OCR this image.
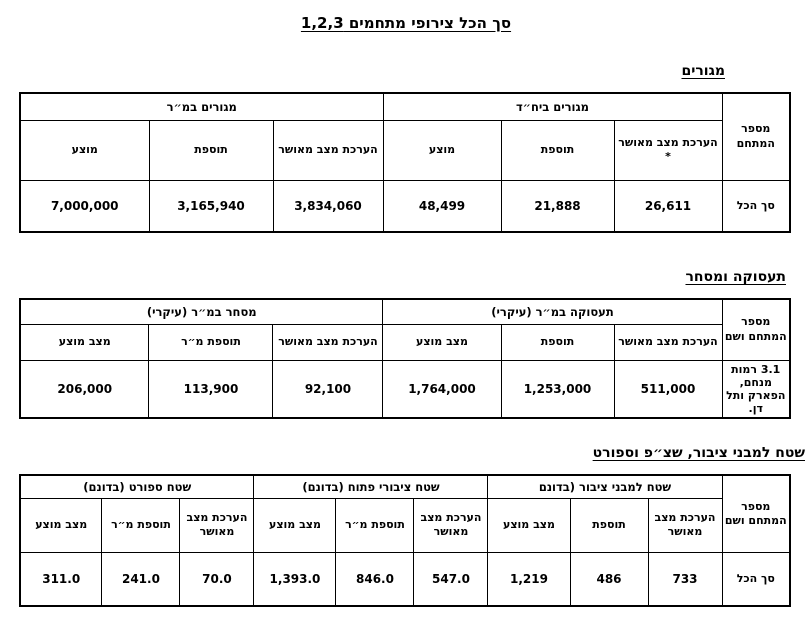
סך הכל צירופי מתחמים 1,2,3
מגורים
מספר המתחם	מגורים ביח״ד			מגורים במ״ר		
	הערכת מצב מאושר *	תוספת	מוצע	הערכת מצב מאושר	תוספת	מוצע
סך הכל	26,611	21,888	48,499	3,834,060	3,165,940	7,000,000
תעסוקה ומסחר
מספר המתחם ושם	תעסוקה במ״ר (עיקרי)			מסחר במ״ר (עיקרי)		
	הערכת מצב מאושר	תוספת	מצב מוצע	הערכת מצב מאושר	תוספת מ״ר	מצב מוצע
3.1 רמות מנחם, הפארק ותל דן.	511,000	1,253,000	1,764,000	92,100	113,900	206,000
שטח למבני ציבור, שצ״פ וספורט
מספר המתחם ושם	שטח למבני ציבור (בדונם			שטח ציבורי פתוח (בדונם)			שטח ספורט (בדונם)		
	הערכת מצב מאושר	תוספת	מצב מוצע	הערכת מצב מאושר	תוספת מ״ר	מצב מוצע	הערכת מצב מאושר	תוספת מ״ר	מצב מוצע
סך הכל	733	486	1,219	547.0	846.0	1,393.0	70.0	241.0	311.0
